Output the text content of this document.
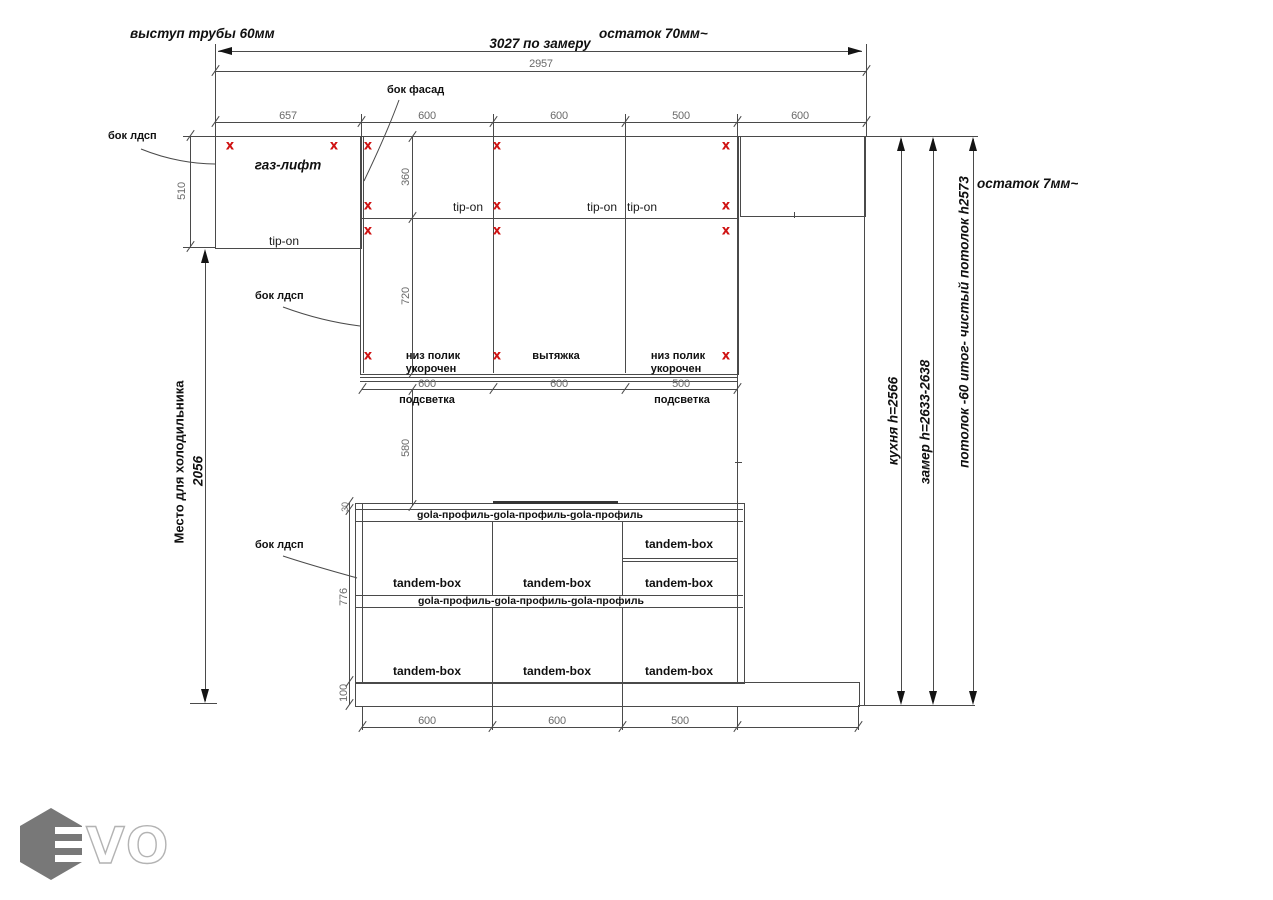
3027 по замеру
2957
657	600	600	500	600
510
Место для холодильника 2056
360
720
580
600	600	500
подсветка	подсветка
30
776
100
600	600	500
кухня h=2566 замер h=2633-2638 потолок -60 итог- чистый потолок h2573
выступ трубы 60мм	остаток 70мм~
остаток 7мм~
газ-лифт
бок лдсп
бок фасад
бок лдсп
бок лдсп
tip-on
tip-on	tip-on tip-on
низ полик
укорочен
вытяжка	низ полик
укорочен
gola-профиль-gola-профиль-gola-профиль
gola-профиль-gola-профиль-gola-профиль
tandem-box	tandem-box
tandem-box
tandem-box
tandem-box	tandem-box	tandem-box
x	x x	x	x
x	x	x
x	x	x
x	x	x
VO
